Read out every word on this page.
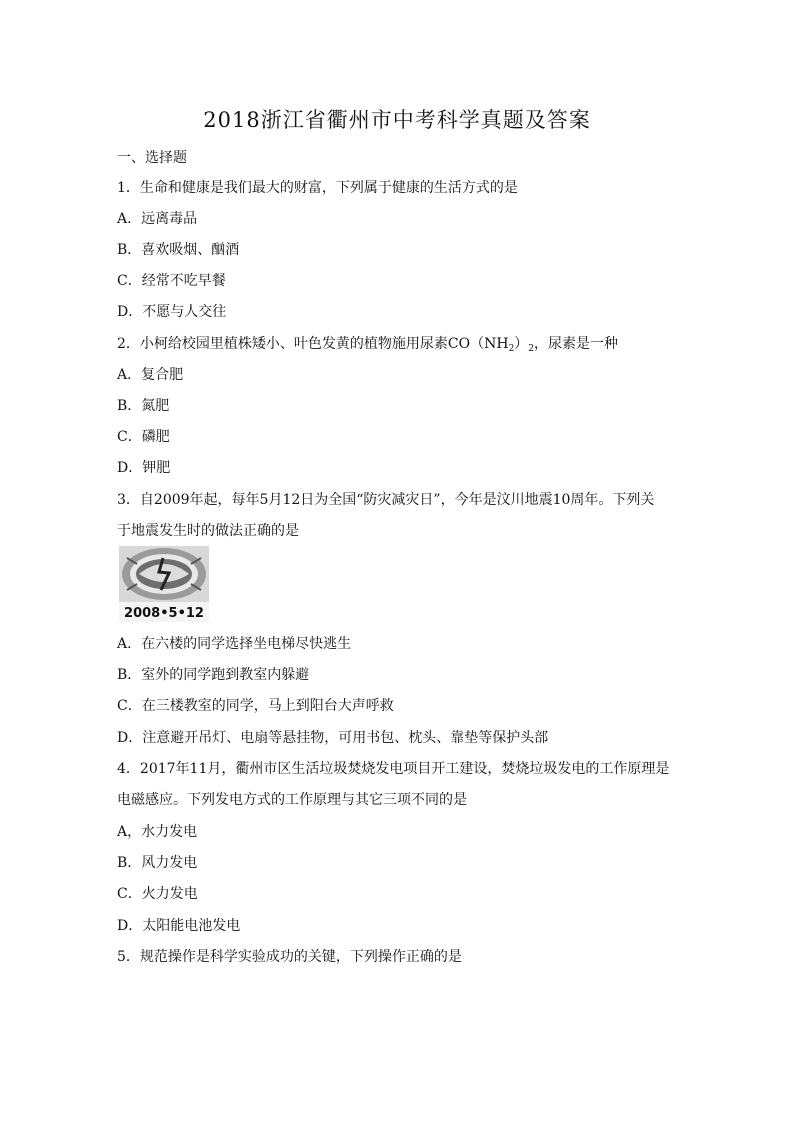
2018浙江省衢州市中考科学真题及答案
一、选择题
1．生命和健康是我们最大的财富，下列属于健康的生活方式的是
A．远离毒品
B．喜欢吸烟、酗酒
C．经常不吃早餐
D．不愿与人交往
2．小柯给校园里植株矮小、叶色发黄的植物施用尿素$CO(NH_2)_2$，尿素是一种
A．复合肥
B．氮肥
C．磷肥
D．钾肥
3．自2009年起，每年5月12日为全国“防灾减灾日”，今年是汶川地震10周年。下列关
于地震发生时的做法正确的是
2008•5•12
A．在六楼的同学选择坐电梯尽快逃生
B．室外的同学跑到教室内躲避
C．在三楼教室的同学，马上到阳台大声呼救
D．注意避开吊灯、电扇等悬挂物，可用书包、枕头、靠垫等保护头部
4．2017年11月，衢州市区生活垃圾焚烧发电项目开工建设，焚烧垃圾发电的工作原理是
电磁感应。下列发电方式的工作原理与其它三项不同的是
A，水力发电
B．风力发电
C．火力发电
D．太阳能电池发电
5．规范操作是科学实验成功的关键，下列操作正确的是
